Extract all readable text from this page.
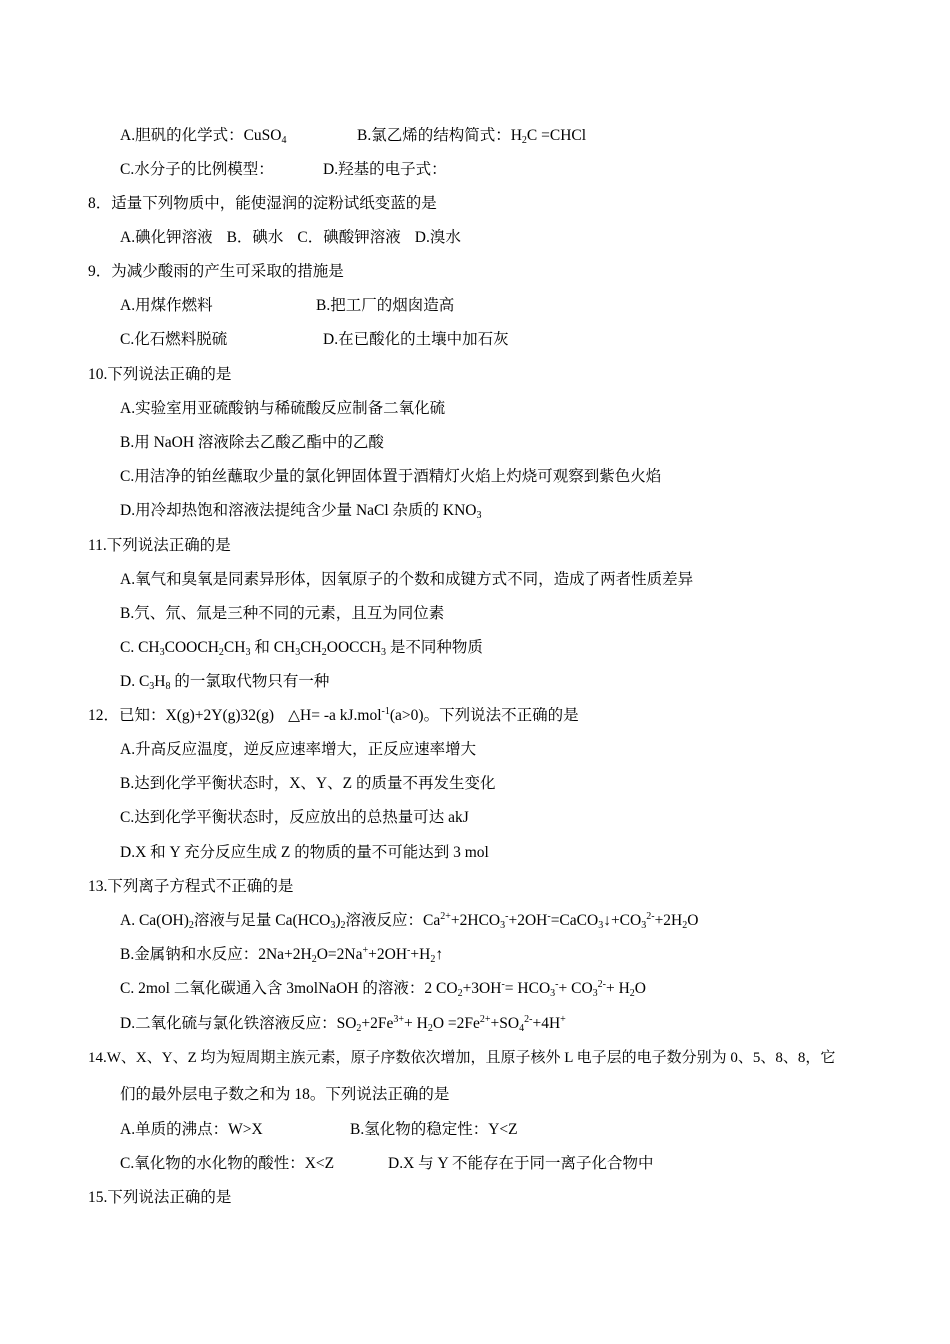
A.胆矾的化学式：CuSO$_4$	B.氯乙烯的结构简式：$H_2C$ =CHCl
C.水分子的比例模型：	D.羟基的电子式：
8．适量下列物质中，能使湿润的淀粉试纸变蓝的是
A.碘化钾溶液 B．碘水 C．碘酸钾溶液 D.溴水
9．为减少酸雨的产生可采取的措施是
A.用煤作燃料	B.把工厂的烟囱造高
C.化石燃料脱硫	D.在已酸化的土壤中加石灰
10.下列说法正确的是
A.实验室用亚硫酸钠与稀硫酸反应制备二氧化硫
B.用 NaOH 溶液除去乙酸乙酯中的乙酸
C.用洁净的铂丝蘸取少量的氯化钾固体置于酒精灯火焰上灼烧可观察到紫色火焰
D.用冷却热饱和溶液法提纯含少量 NaCl 杂质的 $KNO_3$
11.下列说法正确的是
A.氧气和臭氧是同素异形体，因氧原子的个数和成键方式不同，造成了两者性质差异
B.氕、氘、氚是三种不同的元素，且互为同位素
C. $CH_3COOCH_2CH_3$ 和 $CH_3CH_2OOCCH_3$ 是不同种物质
D. $C_3H_8$ 的一氯取代物只有一种
12．已知：X(g)+2Y(g)32(g) △H= -a kJ.mol$^{-1}$(a>0)。下列说法不正确的是
A.升高反应温度，逆反应速率增大，正反应速率增大
B.达到化学平衡状态时，X、Y、Z 的质量不再发生变化
C.达到化学平衡状态时，反应放出的总热量可达 akJ
D.X 和 Y 充分反应生成 Z 的物质的量不可能达到 3 mol
13.下列离子方程式不正确的是
A. $Ca(OH)_2$溶液与足量 $Ca(HCO_3)_2$溶液反应：$Ca^{2+}+2HCO_3^-+2OH^-=CaCO_3↓+CO_3^{2-}+2H_2O$
B.金属钠和水反应：$2Na+2H_2O=2Na^++2OH^-+H_2↑$
C. 2mol 二氧化碳通入含 3molNaOH 的溶液：2 $CO_2+3OH^-= HCO_3^-+ CO_3^{2-}+ H_2O$
D.二氧化硫与氯化铁溶液反应：$SO_2+2Fe^{3+}+ H_2O =2Fe^{2+}+SO_4^{2-}+4H^+$
14.W、X、Y、Z 均为短周期主族元素，原子序数依次增加，且原子核外 L 电子层的电子数分别为 0、5、8、8，它
们的最外层电子数之和为 18。下列说法正确的是
A.单质的沸点：W>X	B.氢化物的稳定性：Y<Z
C.氧化物的水化物的酸性：X<Z	D.X 与 Y 不能存在于同一离子化合物中
15.下列说法正确的是
